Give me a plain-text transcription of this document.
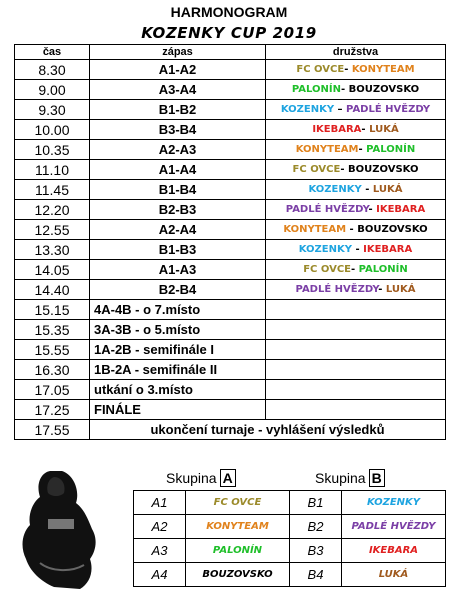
HARMONOGRAM
KOZENKY CUP 2019
čas	zápas	družstva
8.30	A1-A2	FC OVCE- KONYTEAM
9.00	A3-A4	PALONÍN- BOUZOVSKO
9.30	B1-B2	KOZENKY – PADLÉ HVĚZDY
10.00	B3-B4	IKEBARA- LUKÁ
10.35	A2-A3	KONYTEAM- PALONÍN
11.10	A1-A4	FC OVCE- BOUZOVSKO
11.45	B1-B4	KOZENKY - LUKÁ
12.20	B2-B3	PADLÉ HVĚZDY- IKEBARA
12.55	A2-A4	KONYTEAM - BOUZOVSKO
13.30	B1-B3	KOZENKY - IKEBARA
14.05	A1-A3	FC OVCE- PALONÍN
14.40	B2-B4	PADLÉ HVĚZDY- LUKÁ
15.15	4A-4B - o 7.místo	
15.35	3A-3B - o 5.místo	
15.55	1A-2B - semifinále I	
16.30	1B-2A - semifinále II	
17.05	utkání o 3.místo	
17.25	FINÁLE	
17.55	ukončení turnaje - vyhlášení výsledků	
Skupina A	Skupina B
A1	FC OVCE	B1	KOZENKY
A2	KONYTEAM	B2	PADLÉ HVĚZDY
A3	PALONÍN	B3	IKEBARA
A4	BOUZOVSKO	B4	LUKÁ
